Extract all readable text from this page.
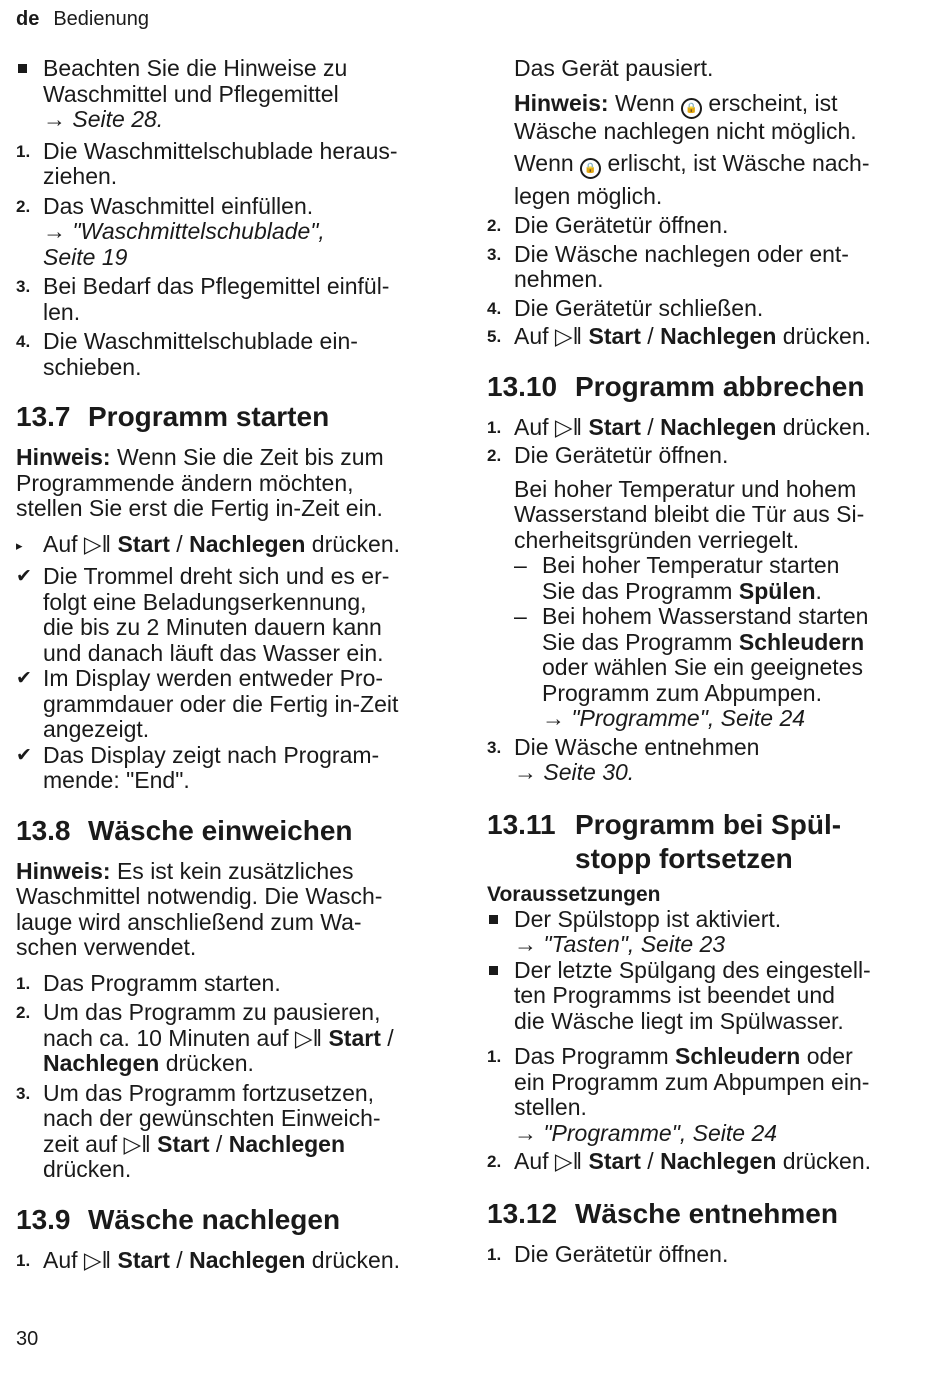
de Bedienung
Beachten Sie die Hinweise zu
Waschmittel und Pflegemittel
→ Seite 28.
1. Die Waschmittelschublade heraus-
ziehen.
2. Das Waschmittel einfüllen.
→ "Waschmittelschublade",
Seite 19
3. Bei Bedarf das Pflegemittel einfül-
len.
4. Die Waschmittelschublade ein-
schieben.
13.7 Programm starten
Hinweis: Wenn Sie die Zeit bis zum
Programmende ändern möchten,
stellen Sie erst die Fertig in-Zeit ein.
▸ Auf ▷‖ Start / Nachlegen drücken.
✔ Die Trommel dreht sich und es er-
folgt eine Beladungserkennung,
die bis zu 2 Minuten dauern kann
und danach läuft das Wasser ein.
✔ Im Display werden entweder Pro-
grammdauer oder die Fertig in-Zeit
angezeigt.
✔ Das Display zeigt nach Program-
mende: "End".
13.8 Wäsche einweichen
Hinweis: Es ist kein zusätzliches
Waschmittel notwendig. Die Wasch-
lauge wird anschließend zum Wa-
schen verwendet.
1. Das Programm starten.
2. Um das Programm zu pausieren,
nach ca. 10 Minuten auf ▷‖ Start /
Nachlegen drücken.
3. Um das Programm fortzusetzen,
nach der gewünschten Einweich-
zeit auf ▷‖ Start / Nachlegen
drücken.
13.9 Wäsche nachlegen
1. Auf ▷‖ Start / Nachlegen drücken.
Das Gerät pausiert.
Hinweis: Wenn 🔒 erscheint, ist
Wäsche nachlegen nicht möglich.
Wenn 🔒 erlischt, ist Wäsche nach-
legen möglich.
2. Die Gerätetür öffnen.
3. Die Wäsche nachlegen oder ent-
nehmen.
4. Die Gerätetür schließen.
5. Auf ▷‖ Start / Nachlegen drücken.
13.10 Programm abbrechen
1. Auf ▷‖ Start / Nachlegen drücken.
2. Die Gerätetür öffnen.
Bei hoher Temperatur und hohem
Wasserstand bleibt die Tür aus Si-
cherheitsgründen verriegelt.
– Bei hoher Temperatur starten
Sie das Programm Spülen.
– Bei hohem Wasserstand starten
Sie das Programm Schleudern
oder wählen Sie ein geeignetes
Programm zum Abpumpen.
→ "Programme", Seite 24
3. Die Wäsche entnehmen
→ Seite 30.
13.11 Programm bei Spül-
stopp fortsetzen
Voraussetzungen
Der Spülstopp ist aktiviert.
→ "Tasten", Seite 23
Der letzte Spülgang des eingestell-
ten Programms ist beendet und
die Wäsche liegt im Spülwasser.
1. Das Programm Schleudern oder
ein Programm zum Abpumpen ein-
stellen.
→ "Programme", Seite 24
2. Auf ▷‖ Start / Nachlegen drücken.
13.12 Wäsche entnehmen
1. Die Gerätetür öffnen.
30
